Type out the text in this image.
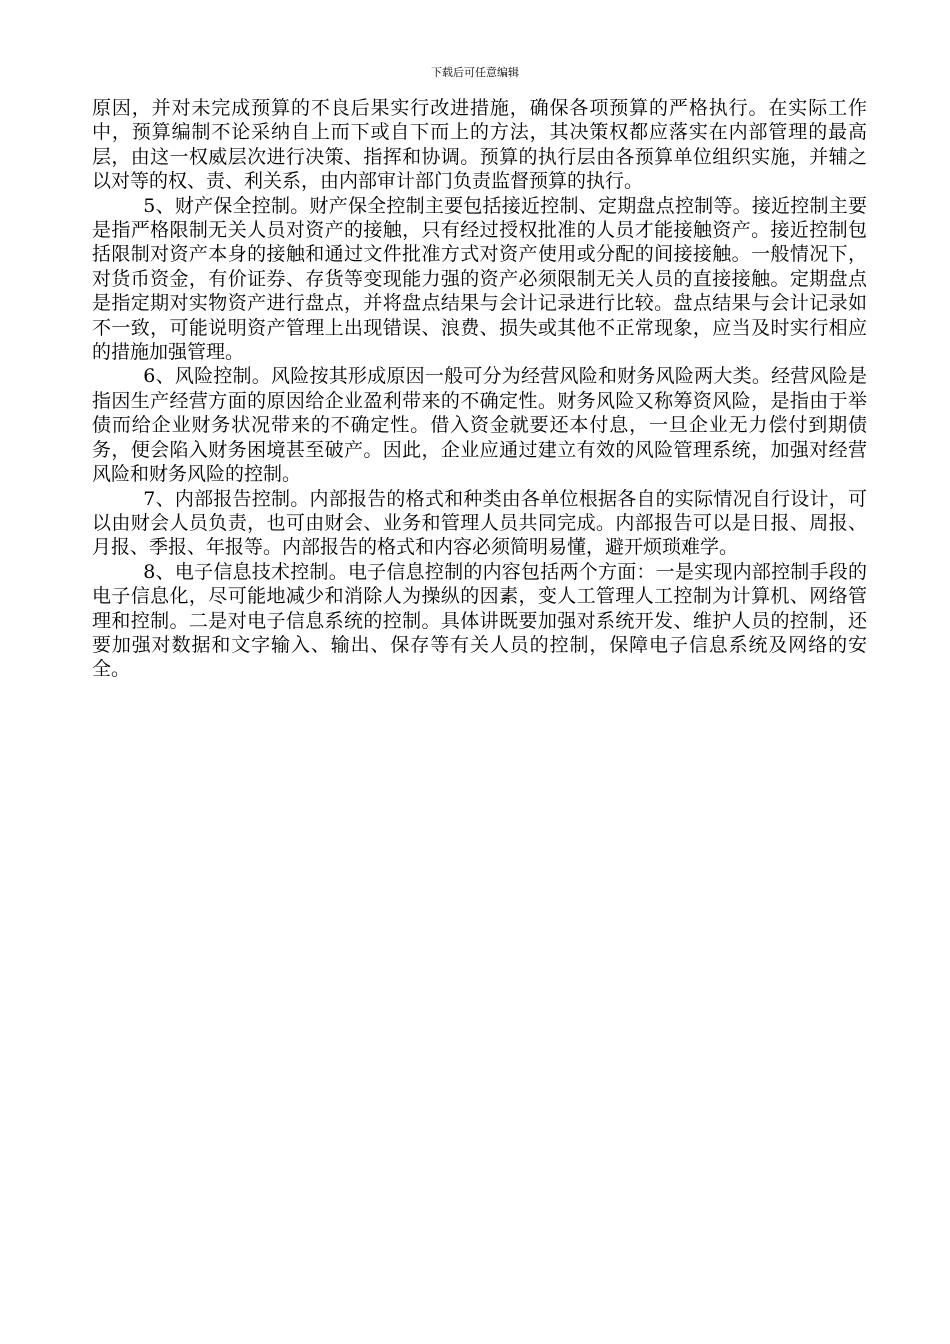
下载后可任意编辑

原因，并对未完成预算的不良后果实行改进措施，确保各项预算的严格执行。在实际工作中，预算编制不论采纳自上而下或自下而上的方法，其决策权都应落实在内部管理的最高层，由这一权威层次进行决策、指挥和协调。预算的执行层由各预算单位组织实施，并辅之以对等的权、责、利关系，由内部审计部门负责监督预算的执行。

5、财产保全控制。财产保全控制主要包括接近控制、定期盘点控制等。接近控制主要是指严格限制无关人员对资产的接触，只有经过授权批准的人员才能接触资产。接近控制包括限制对资产本身的接触和通过文件批准方式对资产使用或分配的间接接触。一般情况下，对货币资金，有价证券、存货等变现能力强的资产必须限制无关人员的直接接触。定期盘点是指定期对实物资产进行盘点，并将盘点结果与会计记录进行比较。盘点结果与会计记录如不一致，可能说明资产管理上出现错误、浪费、损失或其他不正常现象，应当及时实行相应的措施加强管理。

6、风险控制。风险按其形成原因一般可分为经营风险和财务风险两大类。经营风险是指因生产经营方面的原因给企业盈利带来的不确定性。财务风险又称筹资风险，是指由于举债而给企业财务状况带来的不确定性。借入资金就要还本付息，一旦企业无力偿付到期债务，便会陷入财务困境甚至破产。因此，企业应通过建立有效的风险管理系统，加强对经营风险和财务风险的控制。

7、内部报告控制。内部报告的格式和种类由各单位根据各自的实际情况自行设计，可以由财会人员负责，也可由财会、业务和管理人员共同完成。内部报告可以是日报、周报、月报、季报、年报等。内部报告的格式和内容必须简明易懂，避开烦琐难学。

8、电子信息技术控制。电子信息控制的内容包括两个方面：一是实现内部控制手段的电子信息化，尽可能地减少和消除人为操纵的因素，变人工管理人工控制为计算机、网络管理和控制。二是对电子信息系统的控制。具体讲既要加强对系统开发、维护人员的控制，还要加强对数据和文字输入、输出、保存等有关人员的控制，保障电子信息系统及网络的安全。
